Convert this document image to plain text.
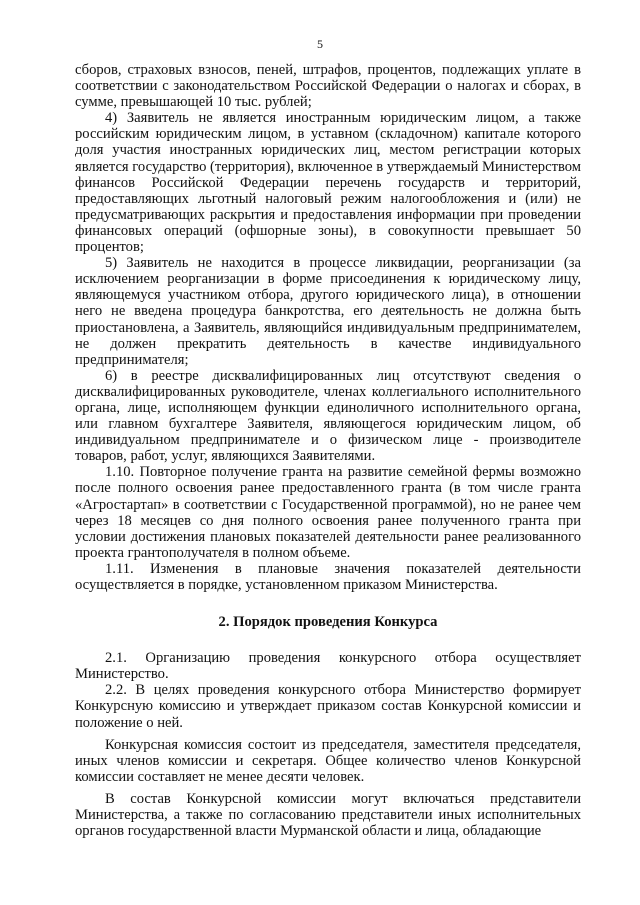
5

сборов, страховых взносов, пеней, штрафов, процентов, подлежащих уплате в соответствии с законодательством Российской Федерации о налогах и сборах, в сумме, превышающей 10 тыс. рублей;

4) Заявитель не является иностранным юридическим лицом, а также российским юридическим лицом, в уставном (складочном) капитале которого доля участия иностранных юридических лиц, местом регистрации которых является государство (территория), включенное в утверждаемый Министерством финансов Российской Федерации перечень государств и территорий, предоставляющих льготный налоговый режим налогообложения и (или) не предусматривающих раскрытия и предоставления информации при проведении финансовых операций (офшорные зоны), в совокупности превышает 50 процентов;

5) Заявитель не находится в процессе ликвидации, реорганизации (за исключением реорганизации в форме присоединения к юридическому лицу, являющемуся участником отбора, другого юридического лица), в отношении него не введена процедура банкротства, его деятельность не должна быть приостановлена, а Заявитель, являющийся индивидуальным предпринимателем, не должен прекратить деятельность в качестве индивидуального предпринимателя;

6) в реестре дисквалифицированных лиц отсутствуют сведения о дисквалифицированных руководителе, членах коллегиального исполнительного органа, лице, исполняющем функции единоличного исполнительного органа, или главном бухгалтере Заявителя, являющегося юридическим лицом, об индивидуальном предпринимателе и о физическом лице - производителе товаров, работ, услуг, являющихся Заявителями.

1.10. Повторное получение гранта на развитие семейной фермы возможно после полного освоения ранее предоставленного гранта (в том числе гранта «Агростартап» в соответствии с Государственной программой), но не ранее чем через 18 месяцев со дня полного освоения ранее полученного гранта при условии достижения плановых показателей деятельности ранее реализованного проекта грантополучателя в полном объеме.

1.11. Изменения в плановые значения показателей деятельности осуществляется в порядке, установленном приказом Министерства.

2. Порядок проведения Конкурса

2.1. Организацию проведения конкурсного отбора осуществляет Министерство.

2.2. В целях проведения конкурсного отбора Министерство формирует Конкурсную комиссию и утверждает приказом состав Конкурсной комиссии и положение о ней.

Конкурсная комиссия состоит из председателя, заместителя председателя, иных членов комиссии и секретаря. Общее количество членов Конкурсной комиссии составляет не менее десяти человек.

В состав Конкурсной комиссии могут включаться представители Министерства, а также по согласованию представители иных исполнительных органов государственной власти Мурманской области и лица, обладающие
